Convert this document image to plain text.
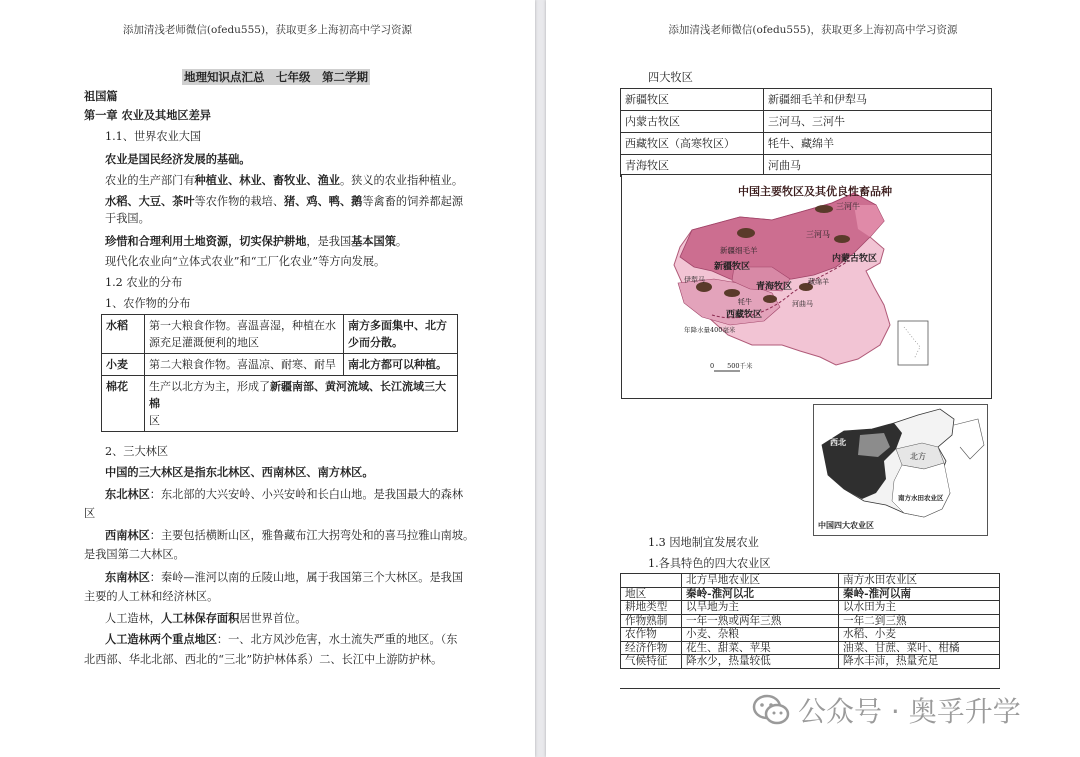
添加清浅老师微信(ofedu555)，获取更多上海初高中学习资源
地理知识点汇总　七年级　第二学期
祖国篇
第一章 农业及其地区差异
1.1、世界农业大国
农业是国民经济发展的基础。
农业的生产部门有种植业、林业、畜牧业、渔业。狭义的农业指种植业。
水稻、大豆、茶叶等农作物的栽培、猪、鸡、鸭、鹅等禽畜的饲养都起源
于我国。
珍惜和合理利用土地资源，切实保护耕地，是我国基本国策。
现代化农业向“立体式农业”和“工厂化农业”等方向发展。
1.2 农业的分布
1、农作物的分布
水稻	第一大粮食作物。喜温喜湿，种植在水源充足灌溉便利的地区	南方多面集中、北方少而分散。
小麦	第二大粮食作物。喜温凉、耐寒、耐旱	南北方都可以种植。
棉花	生产以北方为主，形成了新疆南部、黄河流域、长江流域三大棉
区	
2、三大林区
中国的三大林区是指东北林区、西南林区、南方林区。
东北林区：东北部的大兴安岭、小兴安岭和长白山地。是我国最大的森林
区
西南林区：主要包括横断山区，雅鲁藏布江大拐弯处和的喜马拉雅山南坡。
是我国第二大林区。
东南林区：秦岭—淮河以南的丘陵山地，属于我国第三个大林区。是我国
主要的人工林和经济林区。
人工造林，人工林保存面积居世界首位。
人工造林两个重点地区：一、北方风沙危害，水土流失严重的地区。（东
北西部、华北北部、西北的“三北”防护林体系）二、长江中上游防护林。
添加清浅老师微信(ofedu555)，获取更多上海初高中学习资源
四大牧区
新疆牧区	新疆细毛羊和伊犁马
内蒙古牧区	三河马、三河牛
西藏牧区（高寒牧区）	牦牛、藏绵羊
青海牧区	河曲马
中国主要牧区及其优良性畜品种
三河牛
三河马
新疆细毛羊
新疆牧区
内蒙古牧区
青海牧区
西藏牧区
牦牛
伊犁马
河曲马
藏绵羊
年降水量400毫米
0　　500千米
西北
北方
南方水田农业区
中国四大农业区
1.3 因地制宜发展农业
1.各具特色的四大农业区
	北方旱地农业区	南方水田农业区
地区	秦岭-淮河以北	秦岭-淮河以南
耕地类型	以旱地为主	以水田为主
作物熟制	一年一熟或两年三熟	一年二到三熟
农作物	小麦、杂粮	水稻、小麦
经济作物	花生、甜菜、苹果	油菜、甘蔗、菜叶、柑橘
气候特征	降水少，热量较低	降水丰沛，热量充足
公众号 · 奥孚升学
